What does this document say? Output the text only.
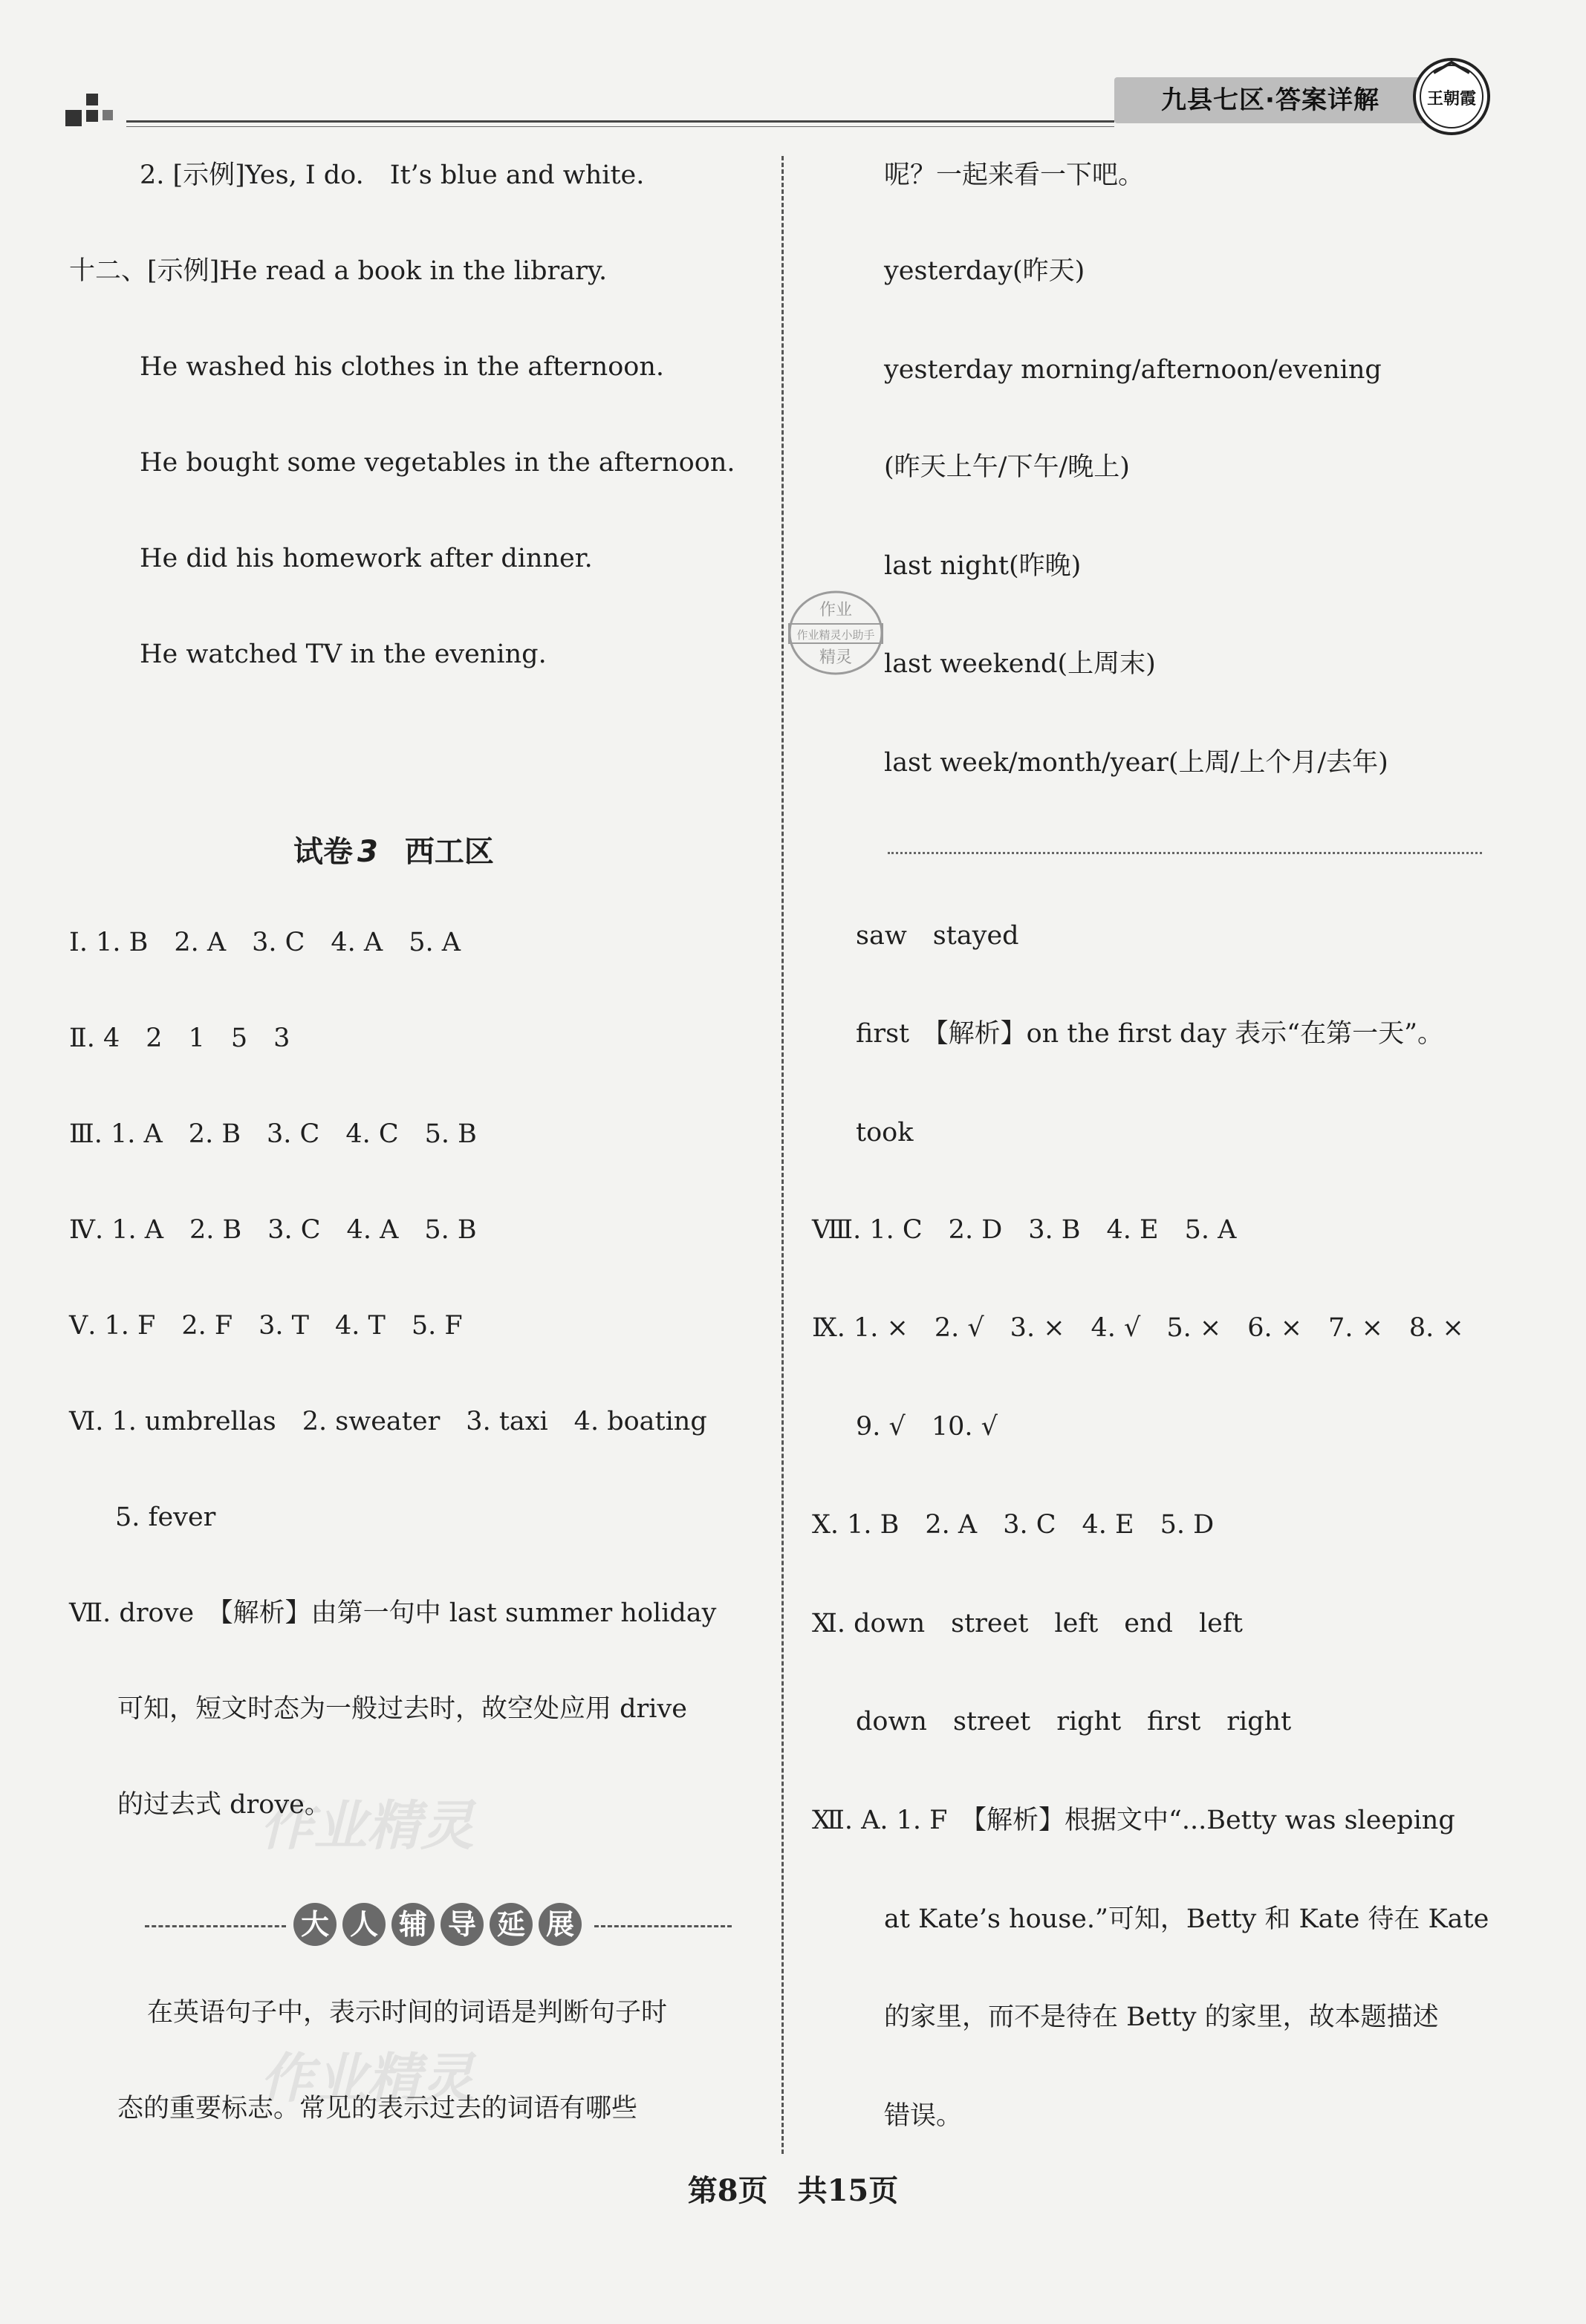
九县七区·答案详解	王朝霞
2. [示例]Yes, I do.　It’s blue and white.
十二、[示例]He read a book in the library.
He washed his clothes in the afternoon.
He bought some vegetables in the afternoon.
He did his homework after dinner.
He watched TV in the evening.
试卷 3 西工区
Ⅰ. 1. B　2. A　3. C　4. A　5. A
Ⅱ. 4　2　1　5　3
Ⅲ. 1. A　2. B　3. C　4. C　5. B
Ⅳ. 1. A　2. B　3. C　4. A　5. B
Ⅴ. 1. F　2. F　3. T　4. T　5. F
Ⅵ. 1. umbrellas　2. sweater　3. taxi　4. boating
5. fever
Ⅶ. drove　【解析】由第一句中 last summer holiday
可知，短文时态为一般过去时，故空处应用 drive
的过去式 drove。
大 人 辅 导 延 展
在英语句子中，表示时间的词语是判断句子时
态的重要标志。常见的表示过去的词语有哪些
呢？一起来看一下吧。
yesterday(昨天)
yesterday morning/afternoon/evening
(昨天上午/下午/晚上)
last night(昨晚)
last weekend(上周末)
last week/month/year(上周/上个月/去年)
saw　stayed
first　【解析】on the first day 表示“在第一天”。
took
Ⅷ. 1. C　2. D　3. B　4. E　5. A
Ⅸ. 1. ×　2. √　3. ×　4. √　5. ×　6. ×　7. ×　8. ×
9. √　10. √
Ⅹ. 1. B　2. A　3. C　4. E　5. D
Ⅺ. down　street　left　end　left
down　street　right　first　right
Ⅻ. A. 1. F　【解析】根据文中“...Betty was sleeping
at Kate’s house.”可知，Betty 和 Kate 待在 Kate
的家里，而不是待在 Betty 的家里，故本题描述
错误。
作业
作业精灵小助手
精灵
作业精灵
作业精灵
第8页　共15页
